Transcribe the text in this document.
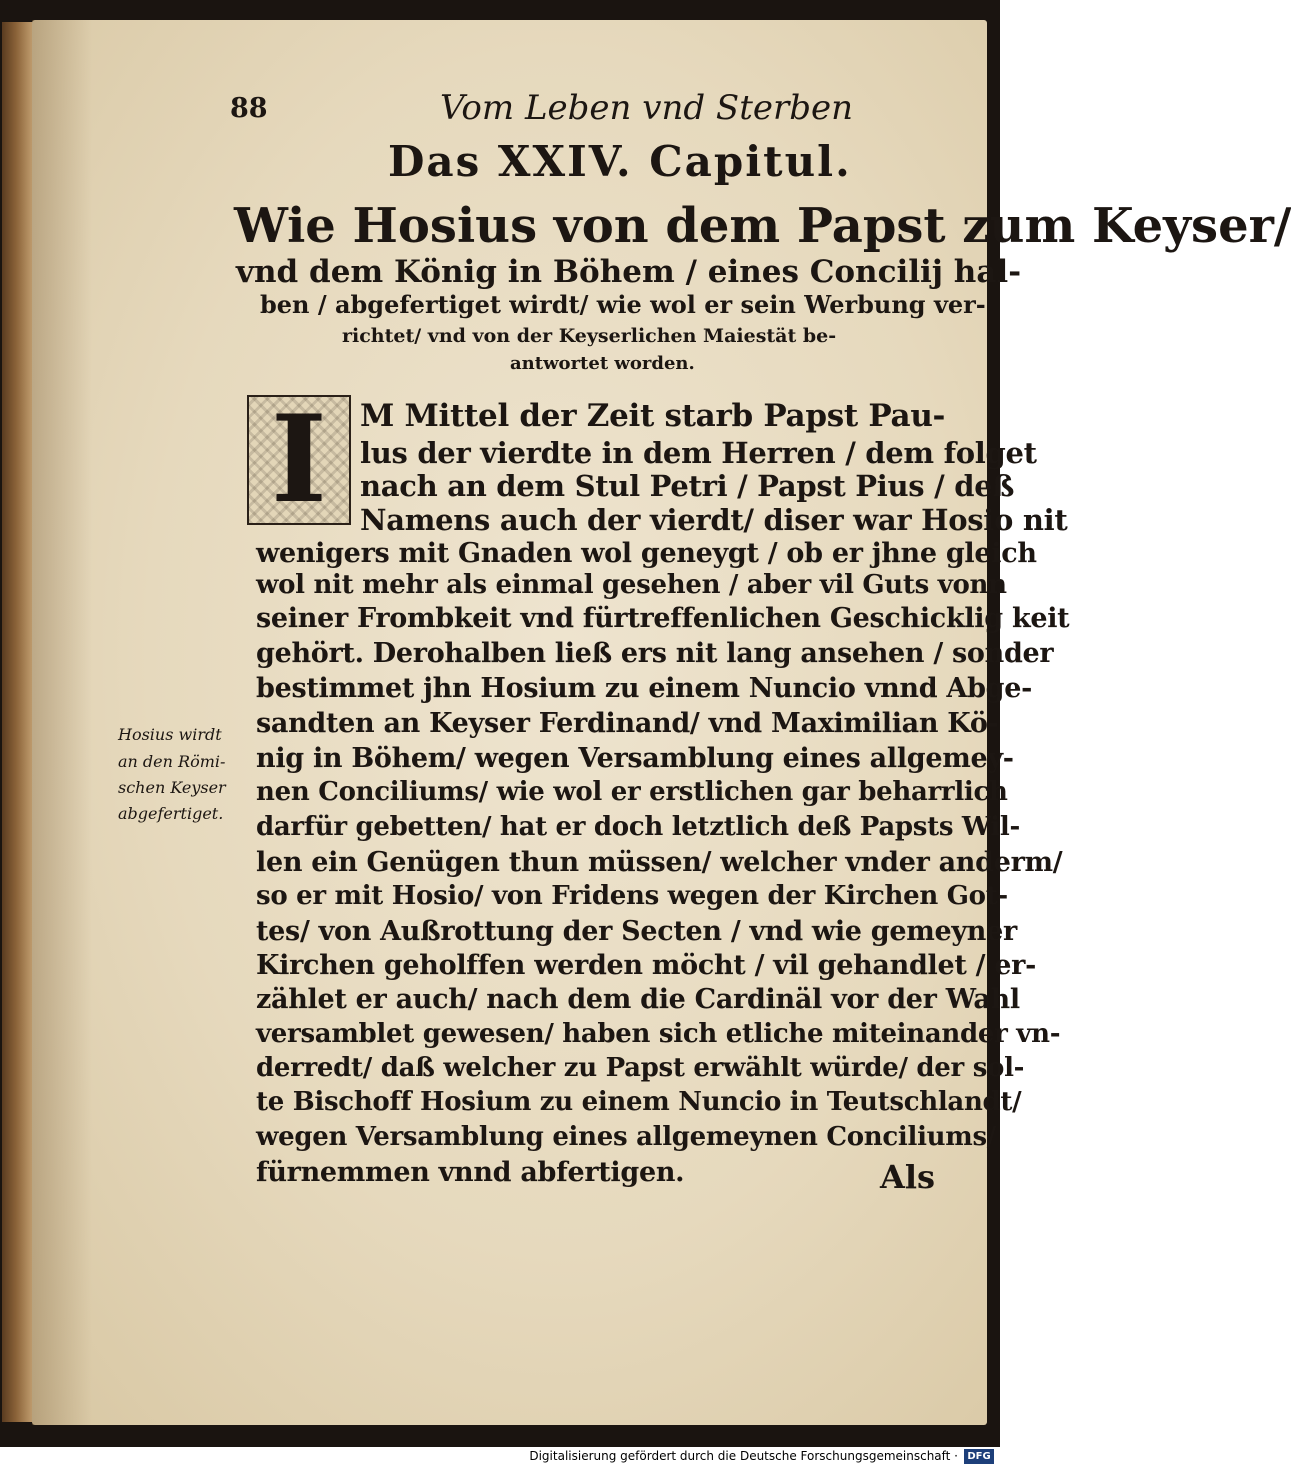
88	Vom Leben vnd Sterben
Das XXIV. Capitul.
Wie Hosius von dem Papst zum Keyser/
vnd dem König in Böhem / eines Concilij hal-
ben / abgefertiget wirdt/ wie wol er sein Werbung ver-
richtet/ vnd von der Keyserlichen Maiestät be-
antwortet worden.
I M Mittel der Zeit starb Papst Pau-
lus der vierdte in dem Herren / dem folget
nach an dem Stul Petri / Papst Pius / deß
Namens auch der vierdt/ diser war Hosio nit
wenigers mit Gnaden wol geneygt / ob er jhne gleich
wol nit mehr als einmal gesehen / aber vil Guts vonn
seiner Frombkeit vnd fürtreffenlichen Geschicklig keit
gehört. Derohalben ließ ers nit lang ansehen / sonder
bestimmet jhn Hosium zu einem Nuncio vnnd Abge-
sandten an Keyser Ferdinand/ vnd Maximilian Kö-
nig in Böhem/ wegen Versamblung eines allgemey-
nen Conciliums/ wie wol er erstlichen gar beharrlich
darfür gebetten/ hat er doch letztlich deß Papsts Wil-
len ein Genügen thun müssen/ welcher vnder anderm/
so er mit Hosio/ von Fridens wegen der Kirchen Got-
tes/ von Außrottung der Secten / vnd wie gemeyner
Kirchen geholffen werden möcht / vil gehandlet / er-
zählet er auch/ nach dem die Cardinäl vor der Wahl
versamblet gewesen/ haben sich etliche miteinander vn-
derredt/ daß welcher zu Papst erwählt würde/ der sol-
te Bischoff Hosium zu einem Nuncio in Teutschlandt/
wegen Versamblung eines allgemeynen Conciliums/
fürnemmen vnnd abfertigen.
Hosius wirdt
an den Römi-
schen Keyser
abgefertiget.
Als
Digitalisierung gefördert durch die Deutsche Forschungsgemeinschaft · DFG
